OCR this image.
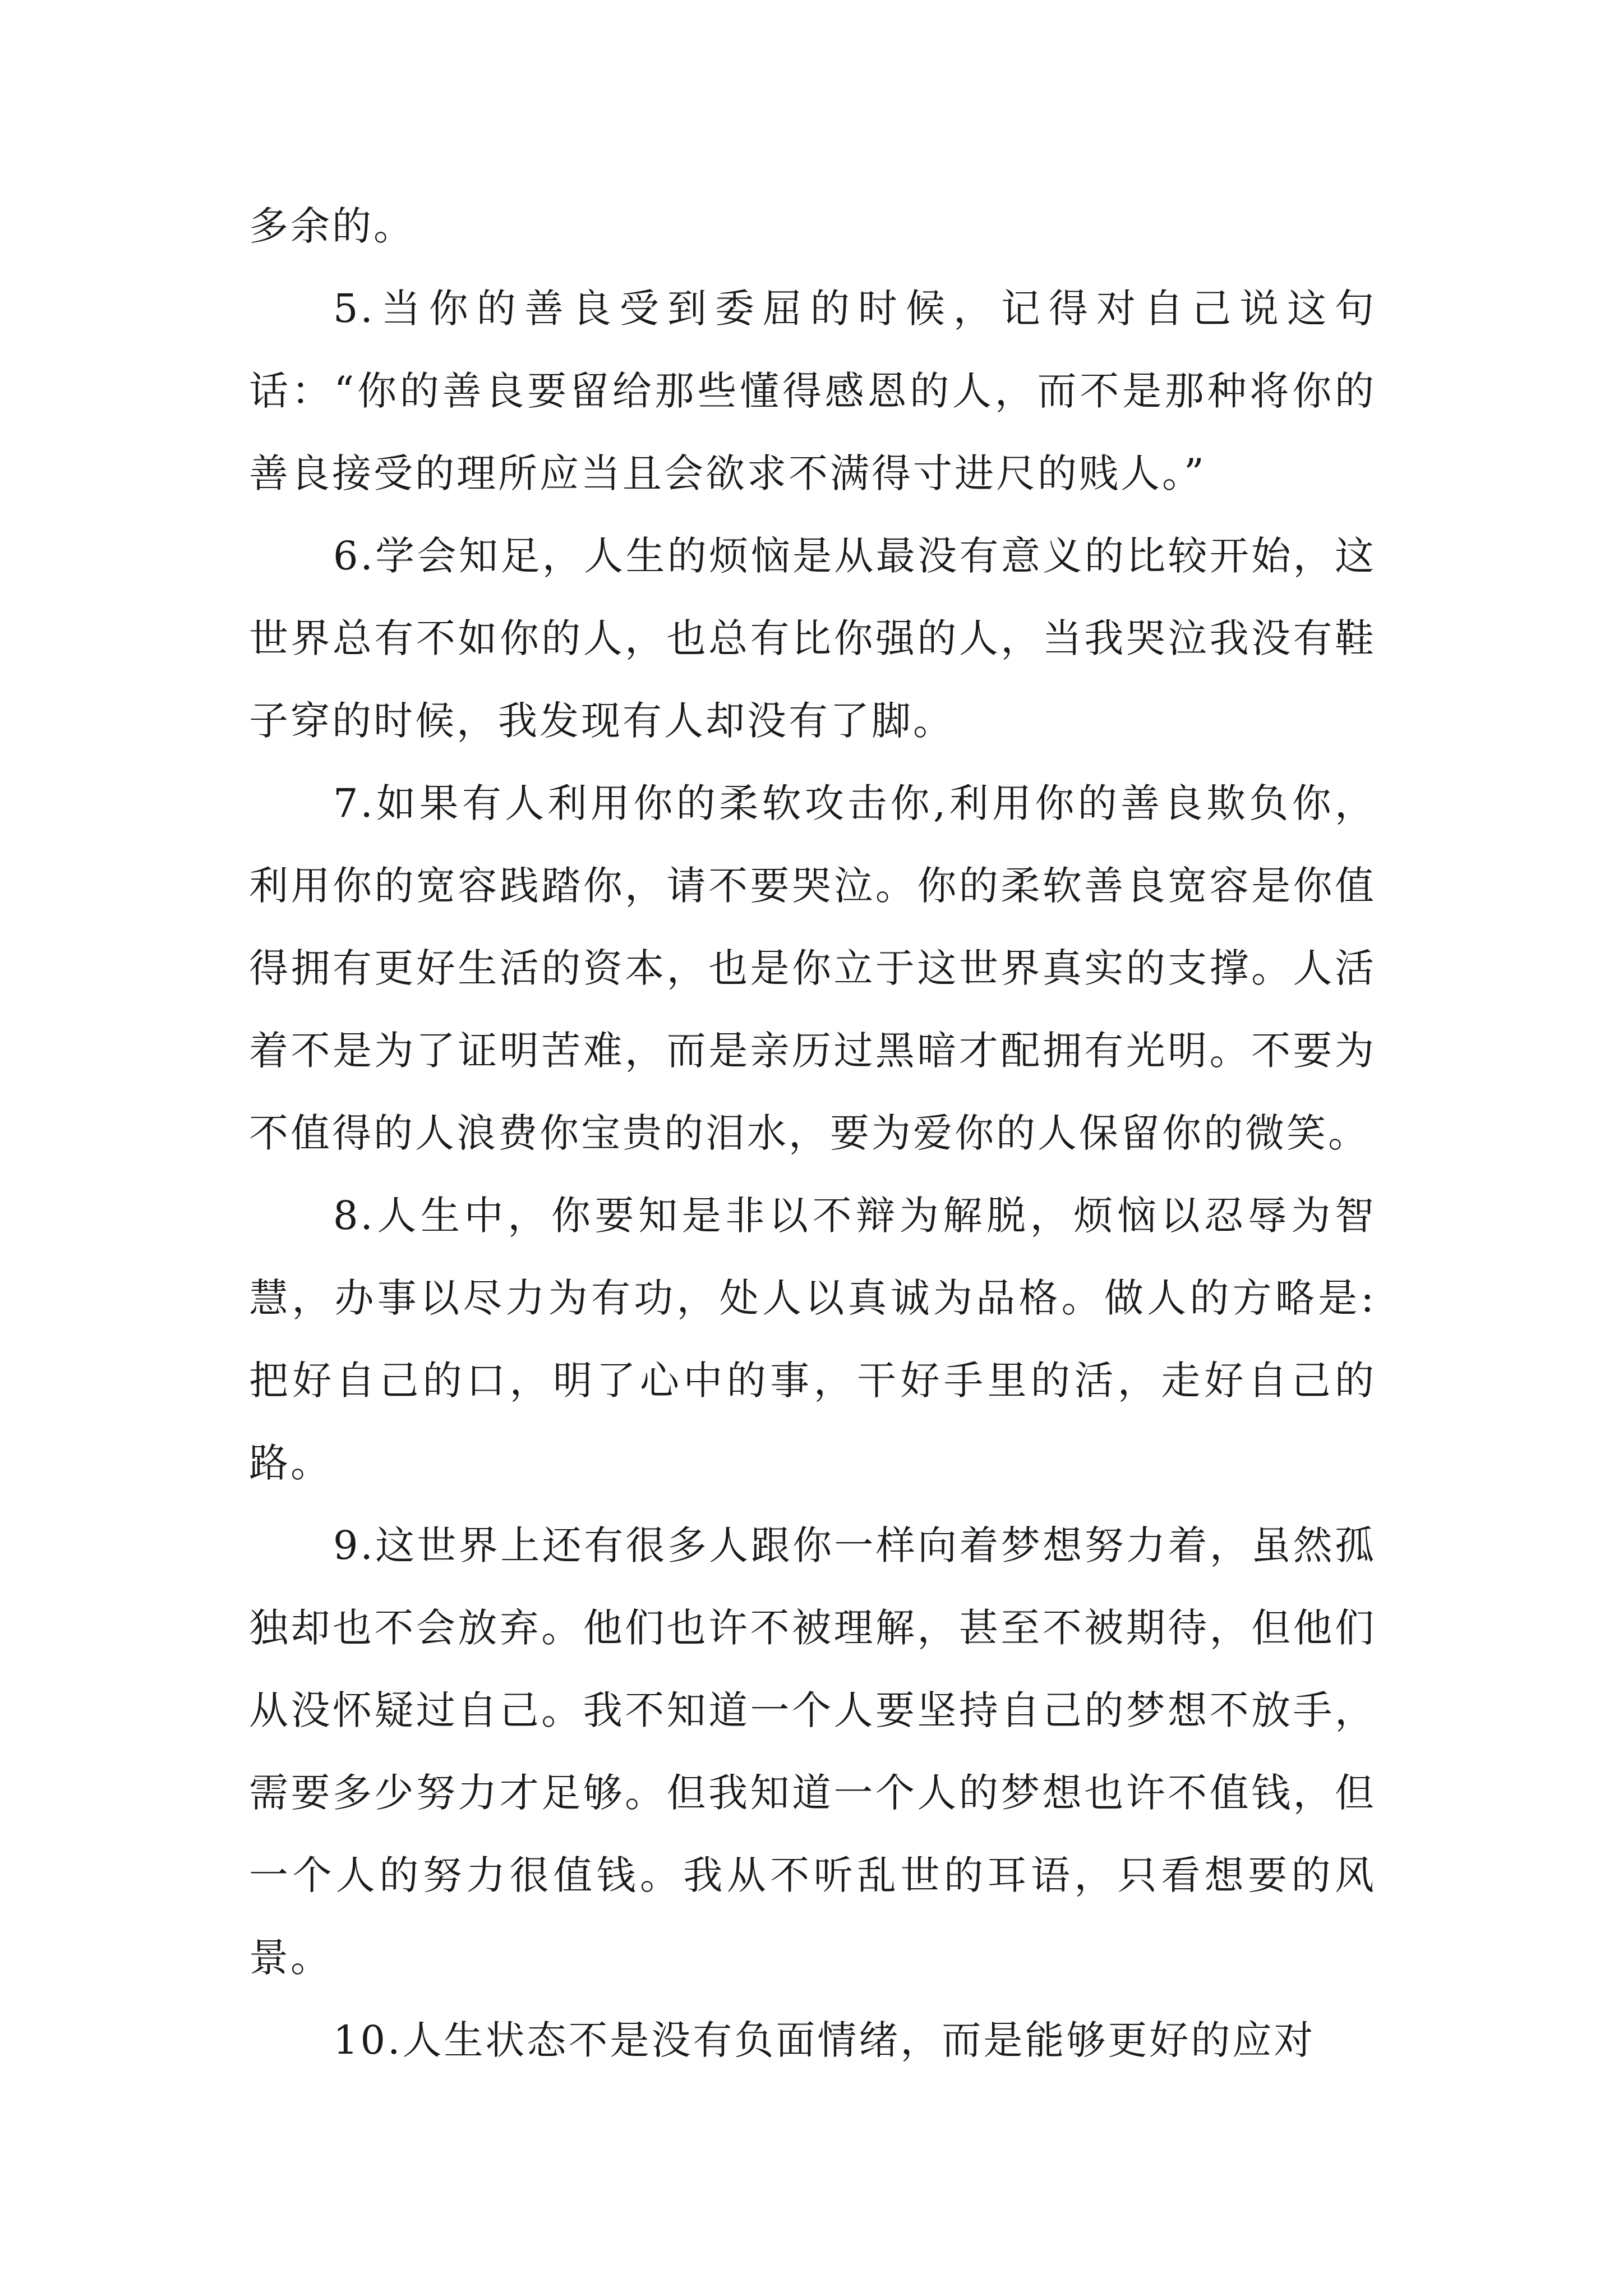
多余的。

5.当你的善良受到委屈的时候，记得对自己说这句话：“你的善良要留给那些懂得感恩的人，而不是那种将你的善良接受的理所应当且会欲求不满得寸进尺的贱人。”

6.学会知足，人生的烦恼是从最没有意义的比较开始，这世界总有不如你的人，也总有比你强的人，当我哭泣我没有鞋子穿的时候，我发现有人却没有了脚。

7.如果有人利用你的柔软攻击你,利用你的善良欺负你，利用你的宽容践踏你，请不要哭泣。你的柔软善良宽容是你值得拥有更好生活的资本，也是你立于这世界真实的支撑。人活着不是为了证明苦难，而是亲历过黑暗才配拥有光明。不要为不值得的人浪费你宝贵的泪水，要为爱你的人保留你的微笑。

8.人生中，你要知是非以不辩为解脱，烦恼以忍辱为智慧，办事以尽力为有功，处人以真诚为品格。做人的方略是:把好自己的口，明了心中的事，干好手里的活，走好自己的路。

9.这世界上还有很多人跟你一样向着梦想努力着，虽然孤独却也不会放弃。他们也许不被理解，甚至不被期待，但他们从没怀疑过自己。我不知道一个人要坚持自己的梦想不放手，需要多少努力才足够。但我知道一个人的梦想也许不值钱，但一个人的努力很值钱。我从不听乱世的耳语，只看想要的风景。

10.人生状态不是没有负面情绪，而是能够更好的应对
